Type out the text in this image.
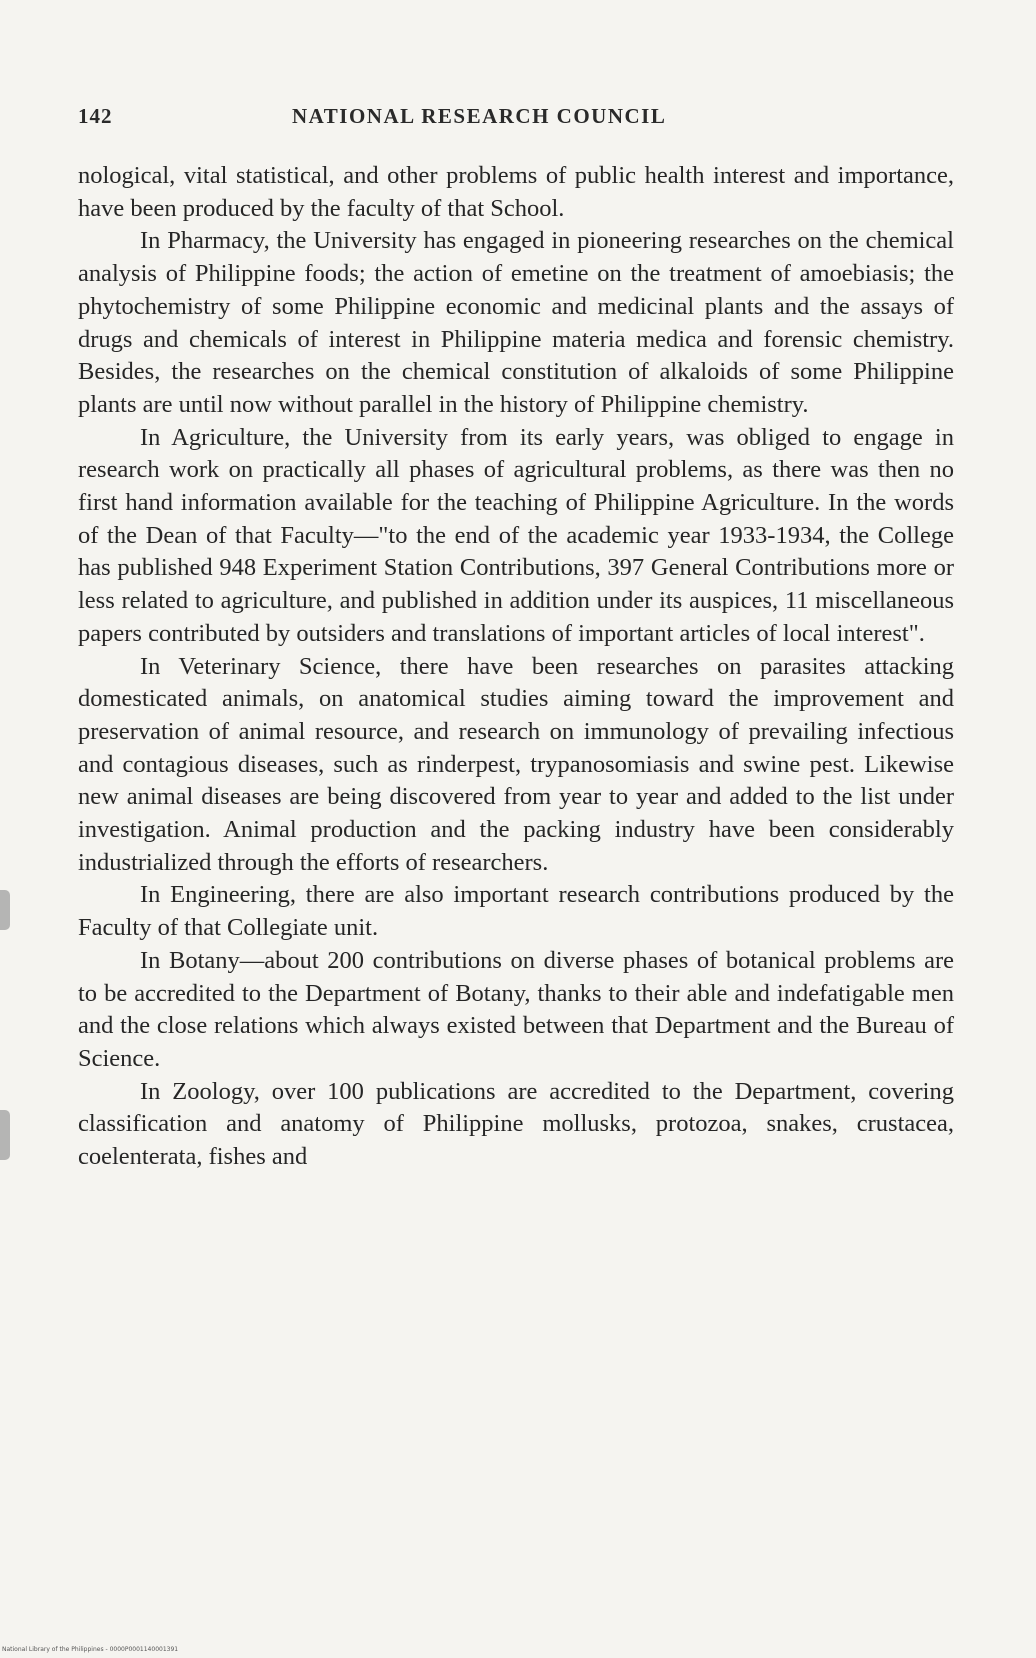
142	NATIONAL RESEARCH COUNCIL

nological, vital statistical, and other problems of public health interest and importance, have been produced by the faculty of that School.

In Pharmacy, the University has engaged in pioneering researches on the chemical analysis of Philippine foods; the action of emetine on the treatment of amoebiasis; the phytochemistry of some Philippine economic and medicinal plants and the assays of drugs and chemicals of interest in Philippine materia medica and forensic chemistry. Besides, the researches on the chemical constitution of alkaloids of some Philippine plants are until now without parallel in the history of Philippine chemistry.

In Agriculture, the University from its early years, was obliged to engage in research work on practically all phases of agricultural problems, as there was then no first hand information available for the teaching of Philippine Agriculture. In the words of the Dean of that Faculty—"to the end of the academic year 1933-1934, the College has published 948 Experiment Station Contributions, 397 General Contributions more or less related to agriculture, and published in addition under its auspices, 11 miscellaneous papers contributed by outsiders and translations of important articles of local interest".

In Veterinary Science, there have been researches on parasites attacking domesticated animals, on anatomical studies aiming toward the improvement and preservation of animal resource, and research on immunology of prevailing infectious and contagious diseases, such as rinderpest, trypanosomiasis and swine pest. Likewise new animal diseases are being discovered from year to year and added to the list under investigation. Animal production and the packing industry have been considerably industrialized through the efforts of researchers.

In Engineering, there are also important research contributions produced by the Faculty of that Collegiate unit.

In Botany—about 200 contributions on diverse phases of botanical problems are to be accredited to the Department of Botany, thanks to their able and indefatigable men and the close relations which always existed between that Department and the Bureau of Science.

In Zoology, over 100 publications are accredited to the Department, covering classification and anatomy of Philippine mollusks, protozoa, snakes, crustacea, coelenterata, fishes and

National Library of the Philippines - 0000P0001140001391
